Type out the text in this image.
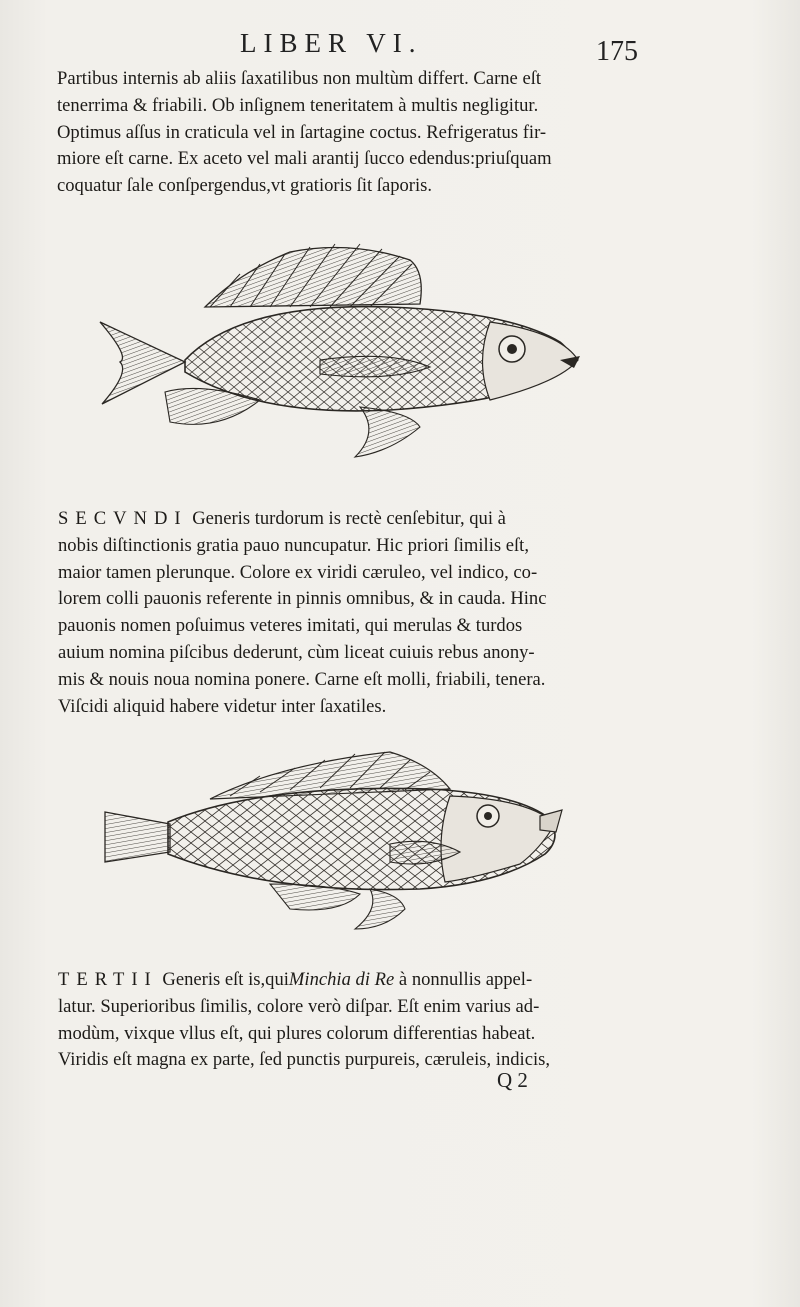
LIBER VI.	175
Partibus internis ab aliis ſaxatilibus non multùm differt. Carne eſt
tenerrima & friabili. Ob inſignem teneritatem à multis negligitur.
Optimus aſſus in craticula vel in ſartagine coctus. Refrigeratus fir-
miore eſt carne. Ex aceto vel mali arantij ſucco edendus:priuſquam
coquatur ſale conſpergendus,vt gratioris ſit ſaporis.
SECVNDI Generis turdorum is rectè cenſebitur, qui à
nobis diſtinctionis gratia pauo nuncupatur. Hic priori ſimilis eſt,
maior tamen plerunque. Colore ex viridi cæruleo, vel indico, co-
lorem colli pauonis referente in pinnis omnibus, & in cauda. Hinc
pauonis nomen poſuimus veteres imitati, qui merulas & turdos
auium nomina piſcibus dederunt, cùm liceat cuiuis rebus anony-
mis & nouis noua nomina ponere. Carne eſt molli, friabili, tenera.
Viſcidi aliquid habere videtur inter ſaxatiles.
TERTII Generis eſt is,quiMinchia di Re à nonnullis appel-
latur. Superioribus ſimilis, colore verò diſpar. Eſt enim varius ad-
modùm, vixque vllus eſt, qui plures colorum differentias habeat.
Viridis eſt magna ex parte, ſed punctis purpureis, cæruleis, indicis,
Q 2
